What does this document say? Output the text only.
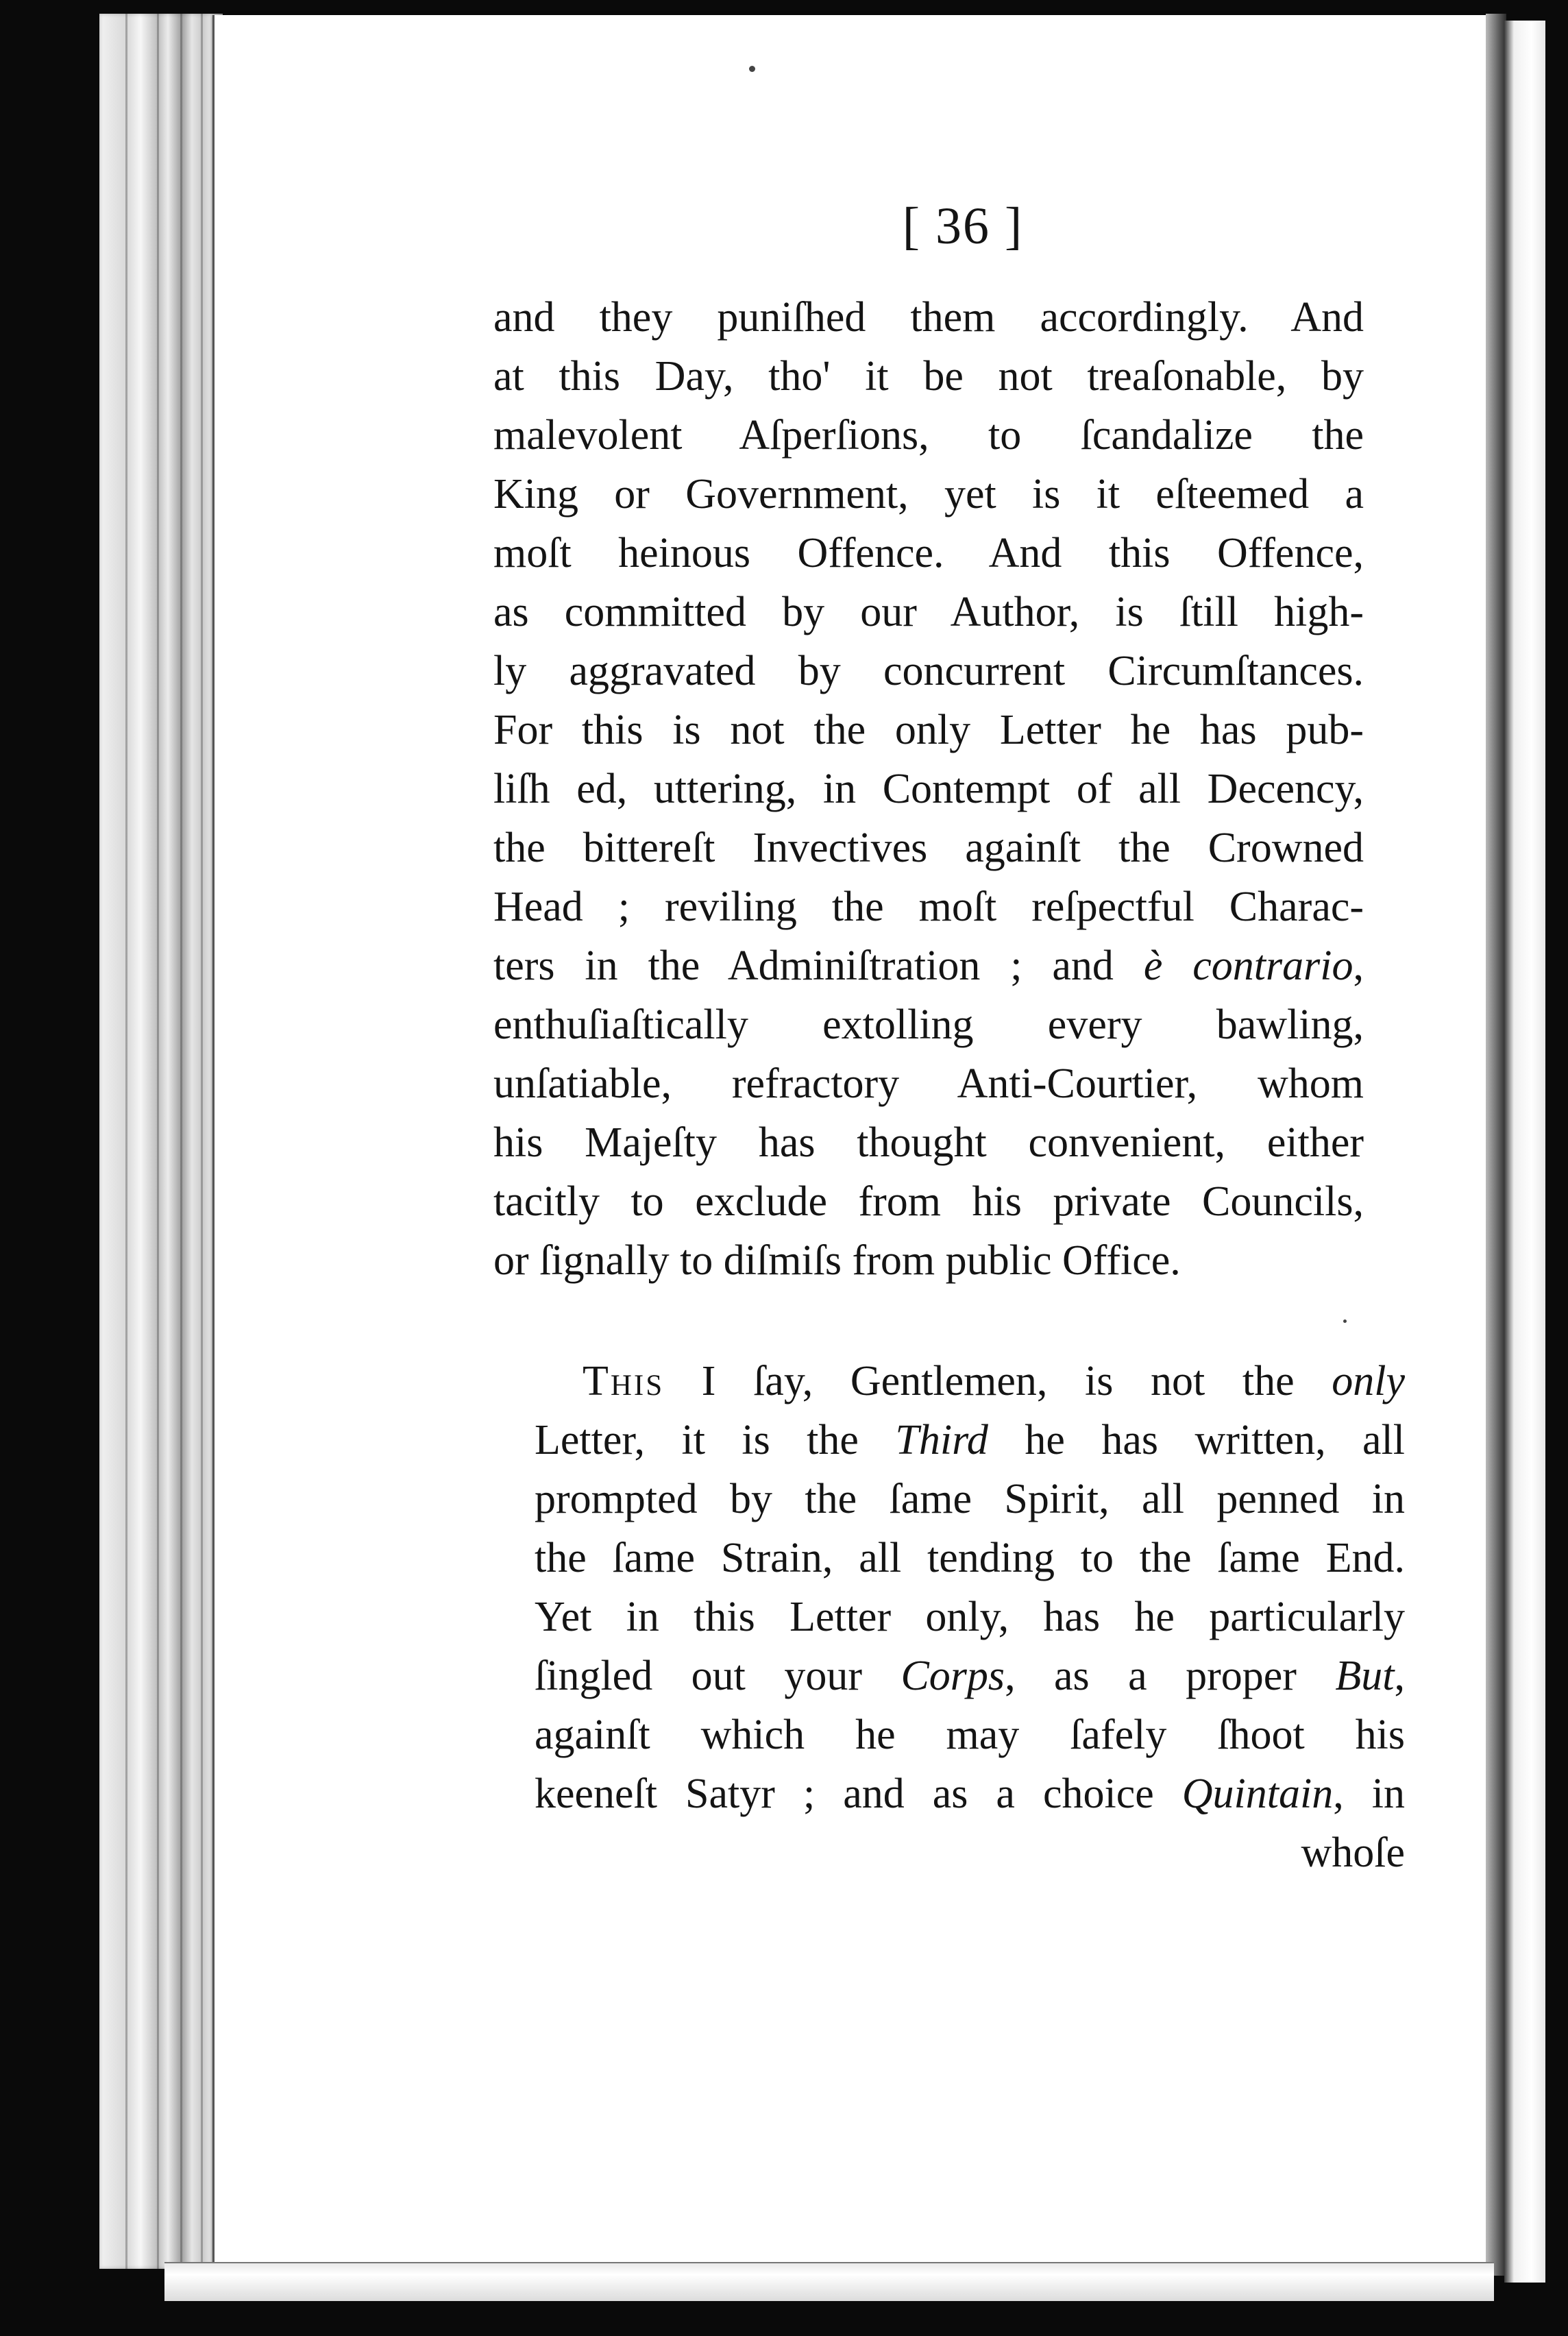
[ 36 ]
and they puniſhed them accordingly. And
at this Day, tho' it be not treaſonable, by
malevolent Aſperſions, to ſcandalize the
King or Government, yet is it eſteemed a
moſt heinous Offence. And this Offence,
as committed by our Author, is ſtill high-
ly aggravated by concurrent Circumſtances.
For this is not the only Letter he has pub-
liſh ed, uttering, in Contempt of all Decency,
the bittereſt Invectives againſt the Crowned
Head ; reviling the moſt reſpectful Charac-
ters in the Adminiſtration ; and è contrario,
enthuſiaſtically extolling every bawling,
unſatiable, refractory Anti-Courtier, whom
his Majeſty has thought convenient, either
tacitly to exclude from his private Councils,
or ſignally to diſmiſs from public Office.
This I ſay, Gentlemen, is not the only
Letter, it is the Third he has written, all
prompted by the ſame Spirit, all penned in
the ſame Strain, all tending to the ſame End.
Yet in this Letter only, has he particularly
ſingled out your Corps, as a proper But,
againſt which he may ſafely ſhoot his
keeneſt Satyr ; and as a choice Quintain, in
whoſe
